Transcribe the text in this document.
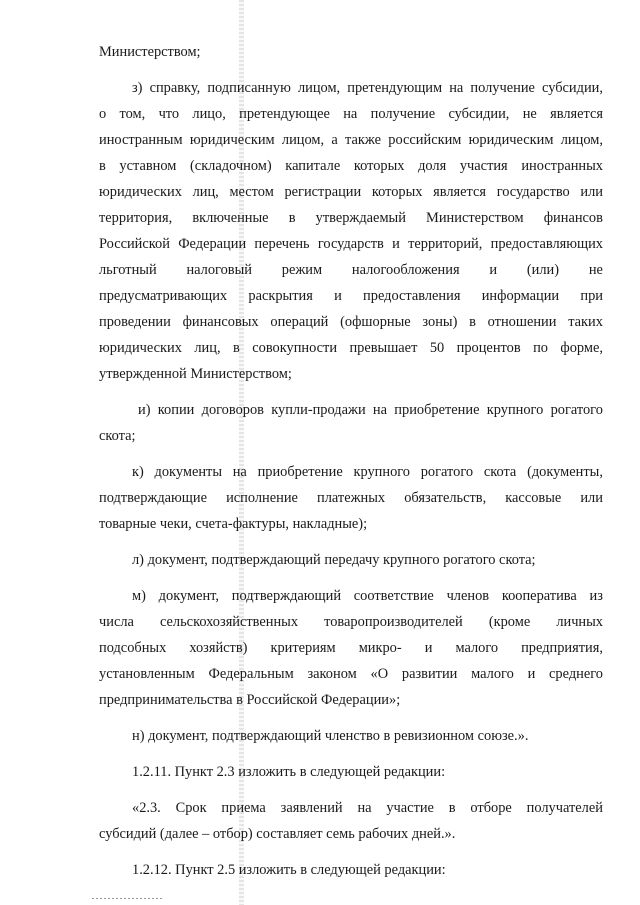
Министерством;
з) справку, подписанную лицом, претендующим на получение субсидии,
о том, что лицо, претендующее на получение субсидии, не является
иностранным юридическим лицом, а также российским юридическим лицом,
в уставном (складочном) капитале которых доля участия иностранных
юридических лиц, местом регистрации которых является государство или
территория, включенные в утверждаемый Министерством финансов
Российской Федерации перечень государств и территорий, предоставляющих
льготный налоговый режим налогообложения и (или) не
предусматривающих раскрытия и предоставления информации при
проведении финансовых операций (офшорные зоны) в отношении таких
юридических лиц, в совокупности превышает 50 процентов по форме,
утвержденной Министерством;
и) копии договоров купли-продажи на приобретение крупного рогатого
скота;
к) документы на приобретение крупного рогатого скота (документы,
подтверждающие исполнение платежных обязательств, кассовые или
товарные чеки, счета-фактуры, накладные);
л) документ, подтверждающий передачу крупного рогатого скота;
м) документ, подтверждающий соответствие членов кооператива из
числа сельскохозяйственных товаропроизводителей (кроме личных
подсобных хозяйств) критериям микро- и малого предприятия,
установленным Федеральным законом «О развитии малого и среднего
предпринимательства в Российской Федерации»;
н) документ, подтверждающий членство в ревизионном союзе.».
1.2.11. Пункт 2.3 изложить в следующей редакции:
«2.3. Срок приема заявлений на участие в отборе получателей
субсидий (далее – отбор) составляет семь рабочих дней.».
1.2.12. Пункт 2.5 изложить в следующей редакции:
